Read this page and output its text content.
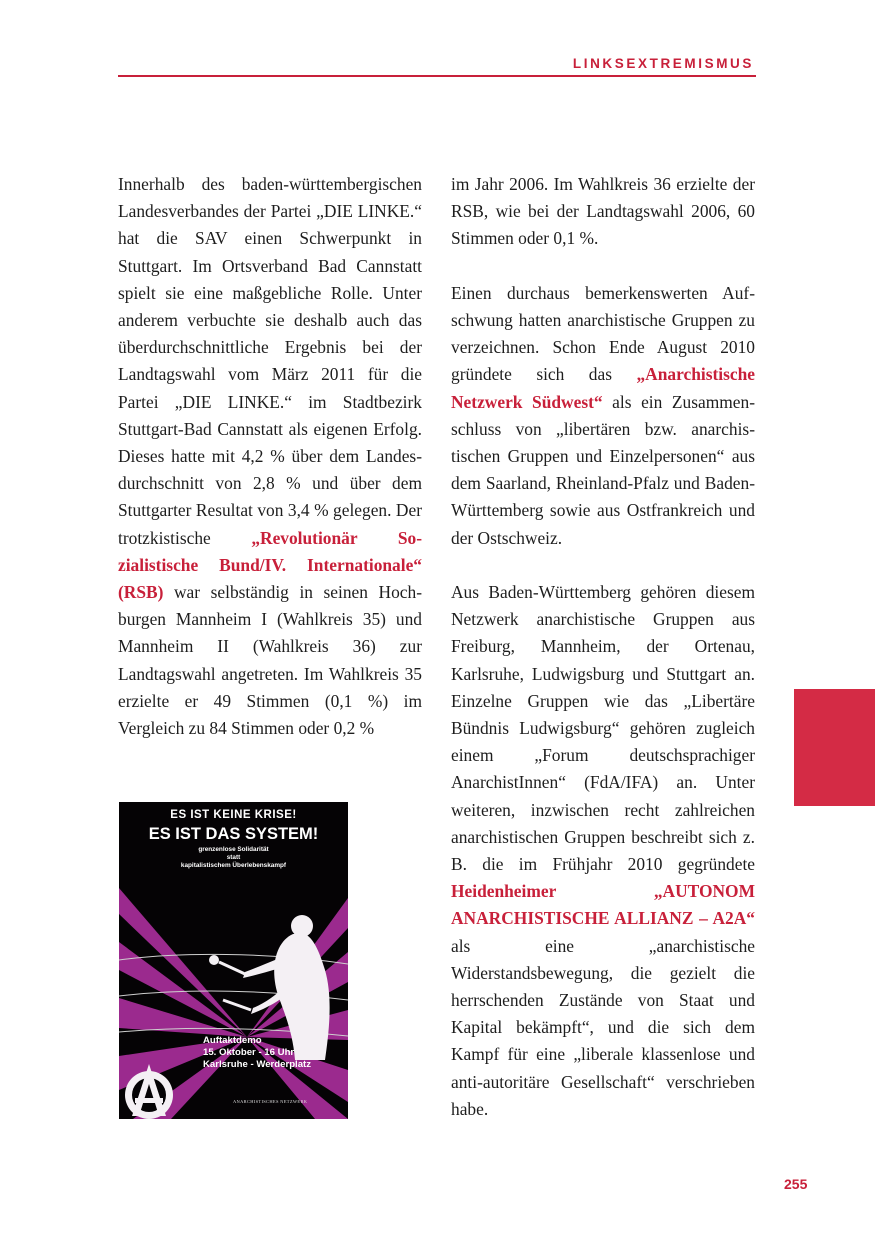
LINKSEXTREMISMUS

Innerhalb des baden-württembergischen Landesverbandes der Partei „DIE LINKE.“ hat die SAV einen Schwerpunkt in Stuttgart. Im Ortsverband Bad Cannstatt spielt sie eine maßgebliche Rolle. Unter anderem verbuchte sie deshalb auch das überdurchschnittliche Ergebnis bei der Landtagswahl vom März 2011 für die Partei „DIE LINKE.“ im Stadtbezirk Stuttgart-Bad Cannstatt als eigenen Erfolg. Dieses hatte mit 4,2 % über dem Landesdurchschnitt von 2,8 % und über dem Stuttgarter Resultat von 3,4 % gelegen. Der trotzkistische „Revolutionär Sozialistische Bund/IV. Internationale“ (RSB) war selbständig in seinen Hochburgen Mannheim I (Wahlkreis 35) und Mannheim II (Wahlkreis 36) zur Landtagswahl angetreten. Im Wahlkreis 35 erzielte er 49 Stimmen (0,1 %) im Vergleich zu 84 Stimmen oder 0,2 %

im Jahr 2006. Im Wahlkreis 36 erzielte der RSB, wie bei der Landtagswahl 2006, 60 Stimmen oder 0,1 %.

Einen durchaus bemerkenswerten Aufschwung hatten anarchistische Gruppen zu verzeichnen. Schon Ende August 2010 gründete sich das „Anarchistische Netzwerk Südwest“ als ein Zusammenschluss von „libertären bzw. anarchistischen Gruppen und Einzelpersonen“ aus dem Saarland, Rheinland-Pfalz und Baden-Württemberg sowie aus Ostfrankreich und der Ostschweiz.

Aus Baden-Württemberg gehören diesem Netzwerk anarchistische Gruppen aus Freiburg, Mannheim, der Ortenau, Karlsruhe, Ludwigsburg und Stuttgart an. Einzelne Gruppen wie das „Libertäre Bündnis Ludwigsburg“ gehören zugleich einem „Forum deutschsprachiger AnarchistInnen“ (FdA/IFA) an. Unter weiteren, inzwischen recht zahlreichen anarchistischen Gruppen beschreibt sich z. B. die im Frühjahr 2010 gegründete Heidenheimer „AUTONOM ANARCHISTISCHE ALLIANZ – A2A“ als eine „anarchistische Widerstandsbewegung, die gezielt die herrschenden Zustände von Staat und Kapital bekämpft“, und die sich dem Kampf für eine „liberale klassenlose und anti-autoritäre Gesellschaft“ verschrieben habe.

ES IST KEINE KRISE!
ES IST DAS SYSTEM!
grenzenlose Solidarität
statt
kapitalistischem Überlebenskampf
Auftaktdemo
15. Oktober - 16 Uhr
Karlsruhe - Werderplatz
ANARCHISTISCHES NETZWERK
255
